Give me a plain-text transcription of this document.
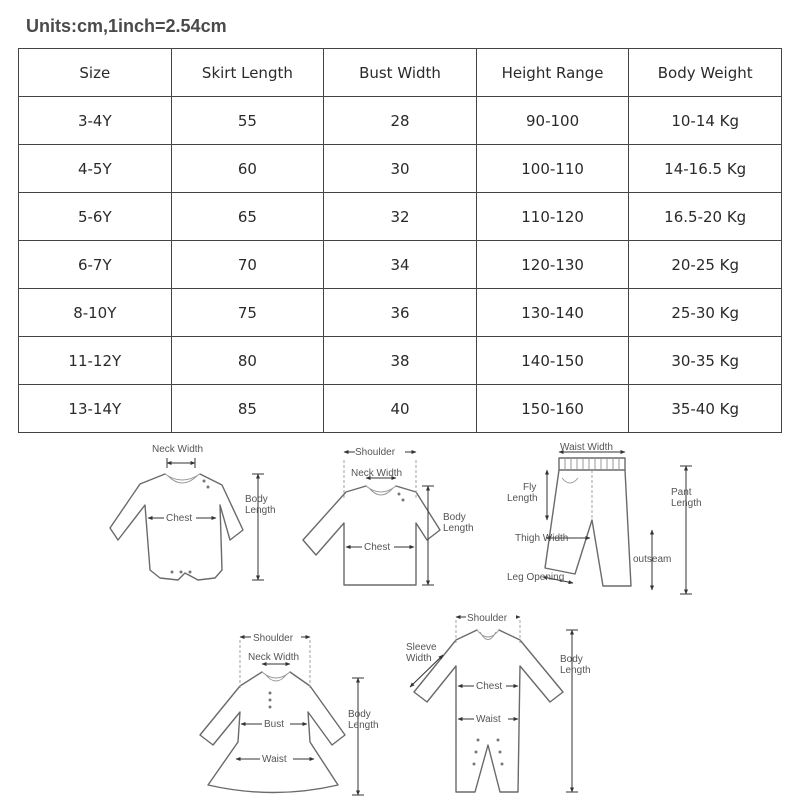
Units:cm,1inch=2.54cm
Size	Skirt Length	Bust Width	Height Range	Body Weight
3-4Y	55	28	90-100	10-14 Kg
4-5Y	60	30	100-110	14-16.5 Kg
5-6Y	65	32	110-120	16.5-20 Kg
6-7Y	70	34	120-130	20-25 Kg
8-10Y	75	36	130-140	25-30 Kg
11-12Y	80	38	140-150	30-35 Kg
13-14Y	85	40	150-160	35-40 Kg
Neck Width
Chest
Body
Length
Shoulder
Neck Width
Chest
Body
Length
Waist Width
Fly
Length
Thigh Width
Leg Opening
outseam
Pant
Length
Shoulder
Neck Width
Bust
Waist
Body
Length
Shoulder
Sleeve
Width
Chest
Waist
Body
Length
